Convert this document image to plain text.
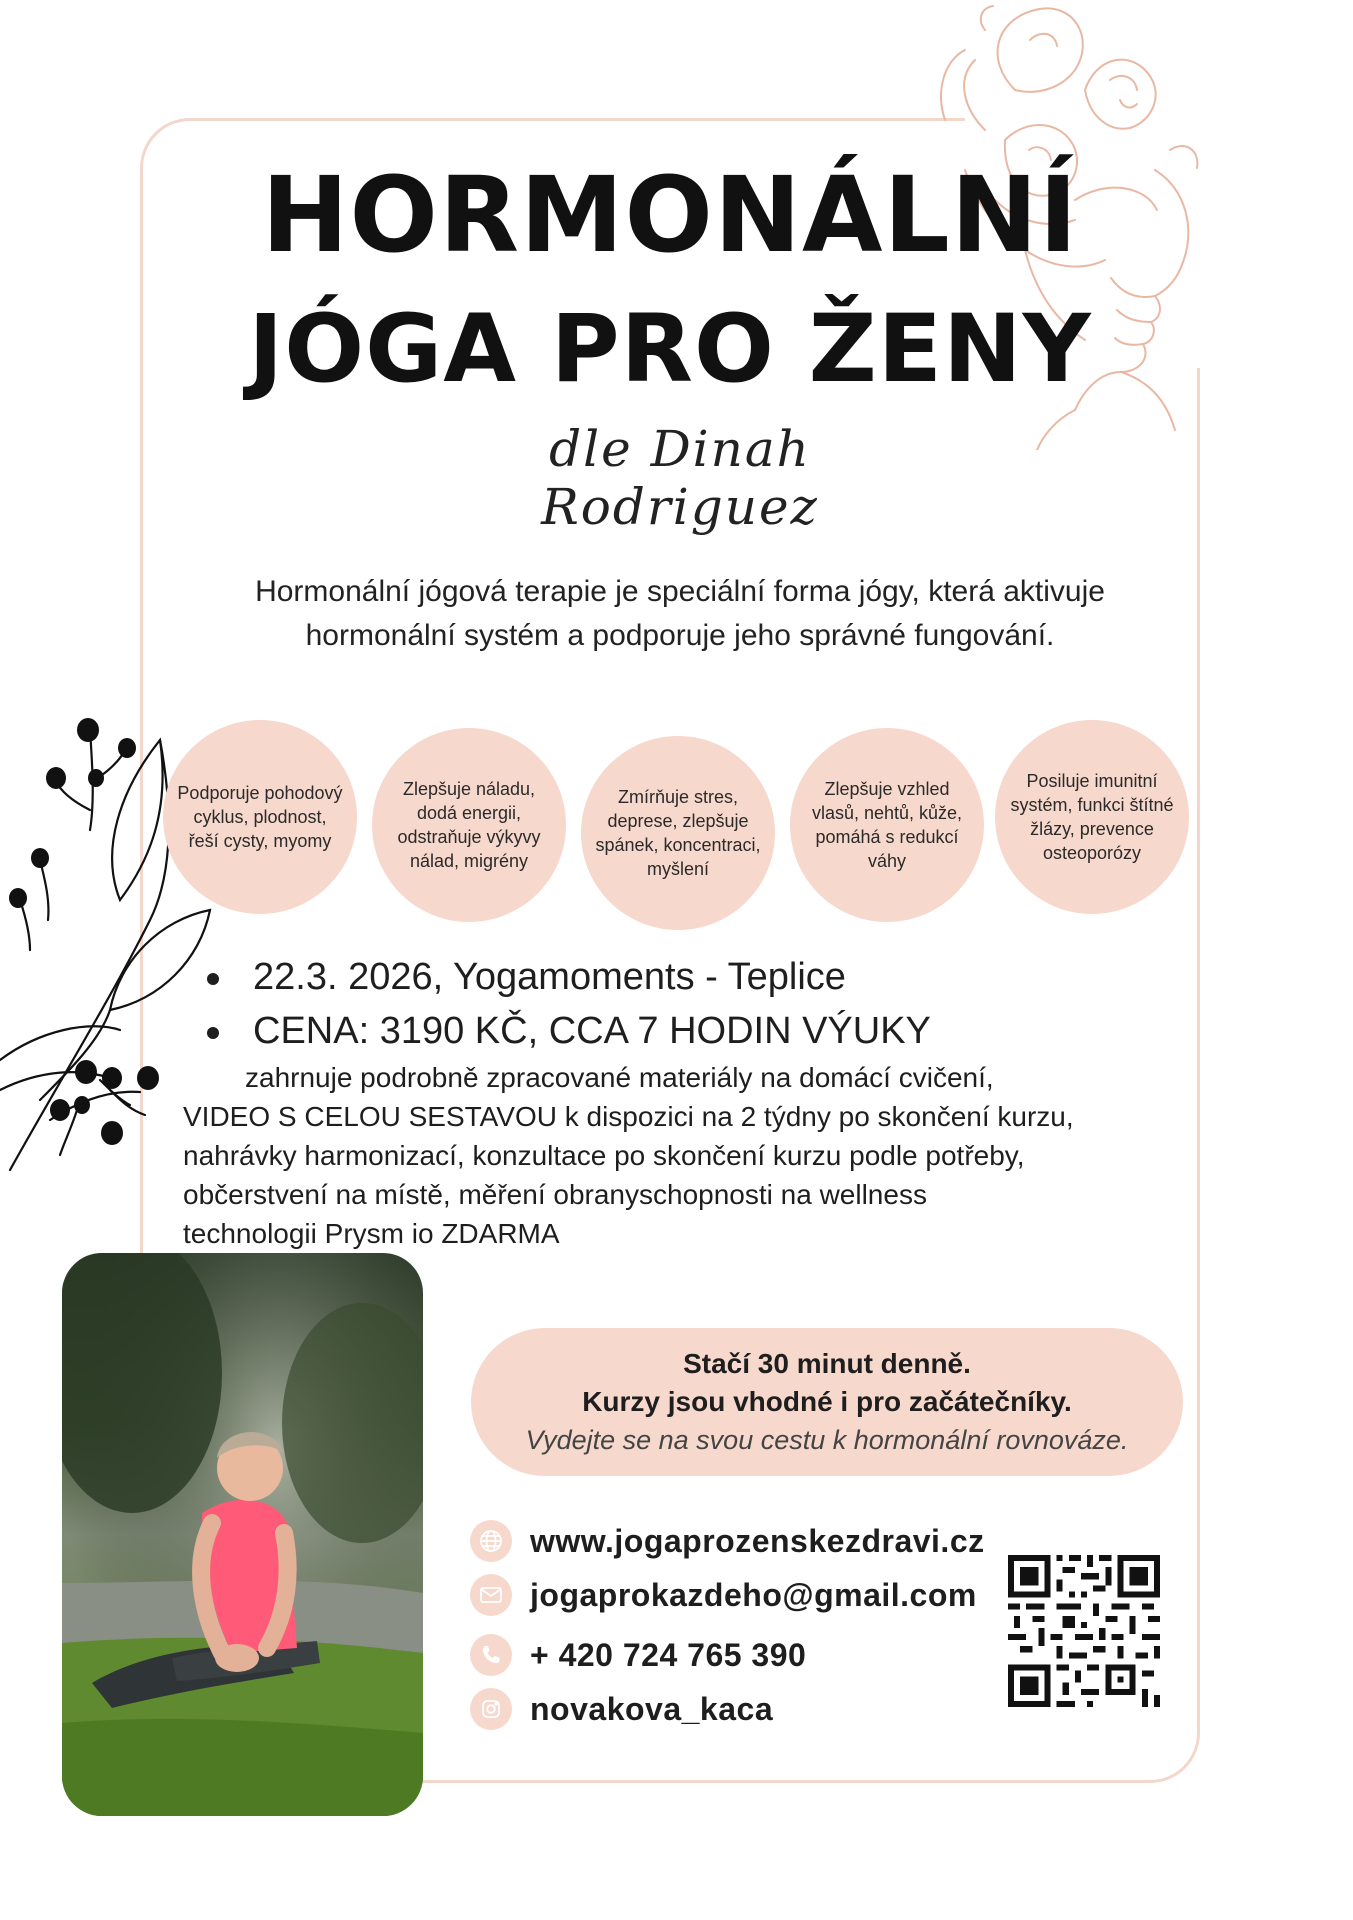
HORMONÁLNÍ
JÓGA PRO ŽENY
dle Dinah Rodriguez

Hormonální jógová terapie je speciální forma jógy, která aktivuje
hormonální systém a podporuje jeho správné fungování.

Podporuje pohodový cyklus, plodnost, řeší cysty, myomy
Zlepšuje náladu, dodá energii, odstraňuje výkyvy nálad, migrény
Zmírňuje stres, deprese, zlepšuje spánek, koncentraci, myšlení
Zlepšuje vzhled vlasů, nehtů, kůže, pomáhá s redukcí váhy
Posiluje imunitní systém, funkci štítné žlázy, prevence osteoporózy
22.3. 2026, Yogamoments - Teplice
CENA: 3190 KČ, CCA 7 HODIN VÝUKY

zahrnuje podrobně zpracované materiály na domácí cvičení,
VIDEO S CELOU SESTAVOU k dispozici na 2 týdny po skončení kurzu,
nahrávky harmonizací, konzultace po skončení kurzu podle potřeby,
občerstvení na místě, měření obranyschopnosti na wellness
technologii Prysm io ZDARMA

Stačí 30 minut denně.
Kurzy jsou vhodné i pro začátečníky.
Vydejte se na svou cestu k hormonální rovnováze.
www.jogaprozenskezdravi.cz
jogaprokazdeho@gmail.com
+ 420 724 765 390
novakova_kaca
